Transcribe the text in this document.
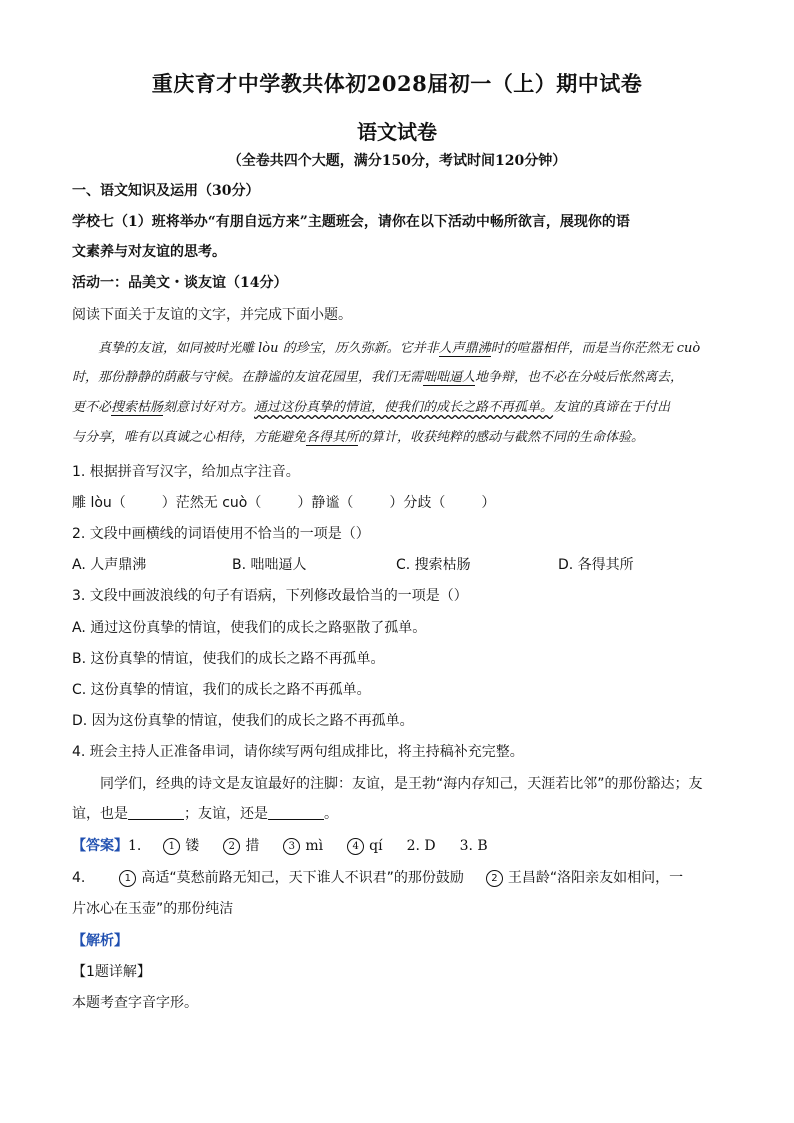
重庆育才中学教共体初2028届初一（上）期中试卷
语文试卷
（全卷共四个大题，满分150分，考试时间120分钟）
一、语文知识及运用（30分）
学校七（1）班将举办“有朋自远方来”主题班会，请你在以下活动中畅所欲言，展现你的语
文素养与对友谊的思考。
活动一：品美文・谈友谊（14分）
阅读下面关于友谊的文字，并完成下面小题。
真挚的友谊，如同被时光雕 lòu 的珍宝，历久弥新。它并非人声鼎沸时的喧嚣相伴，而是当你茫然无 cuò
时，那份静静的荫蔽与守候。在静谧的友谊花园里，我们无需咄咄逼人地争辩，也不必在分岐后怅然离去，
更不必搜索枯肠刻意讨好对方。通过这份真挚的情谊，使我们的成长之路不再孤单。友谊的真谛在于付出
与分享，唯有以真诚之心相待，方能避免各得其所的算计，收获纯粹的感动与截然不同的生命体验。
1. 根据拼音写汉字，给加点字注音。
雕 lòu（	）茫然无 cuò（	）静谧（	）分歧（	）
2. 文段中画横线的词语使用不恰当的一项是（）
A. 人声鼎沸	B. 咄咄逼人	C. 搜索枯肠	D. 各得其所
3. 文段中画波浪线的句子有语病，下列修改最恰当的一项是（）
A. 通过这份真挚的情谊，使我们的成长之路驱散了孤单。
B. 这份真挚的情谊，使我们的成长之路不再孤单。
C. 这份真挚的情谊，我们的成长之路不再孤单。
D. 因为这份真挚的情谊，使我们的成长之路不再孤单。
4. 班会主持人正准备串词，请你续写两句组成排比，将主持稿补充完整。
同学们，经典的诗文是友谊最好的注脚：友谊，是王勃“海内存知己，天涯若比邻”的那份豁达；友
谊，也是	；友谊，还是	。
【答案】1.	1 镂	2 措	3 mì	4 qí 2. D 3. B
4.	1 高适“莫愁前路无知己，天下谁人不识君”的那份鼓励	2 王昌龄“洛阳亲友如相问，一
片冰心在玉壶”的那份纯洁
【解析】
【1题详解】
本题考查字音字形。
